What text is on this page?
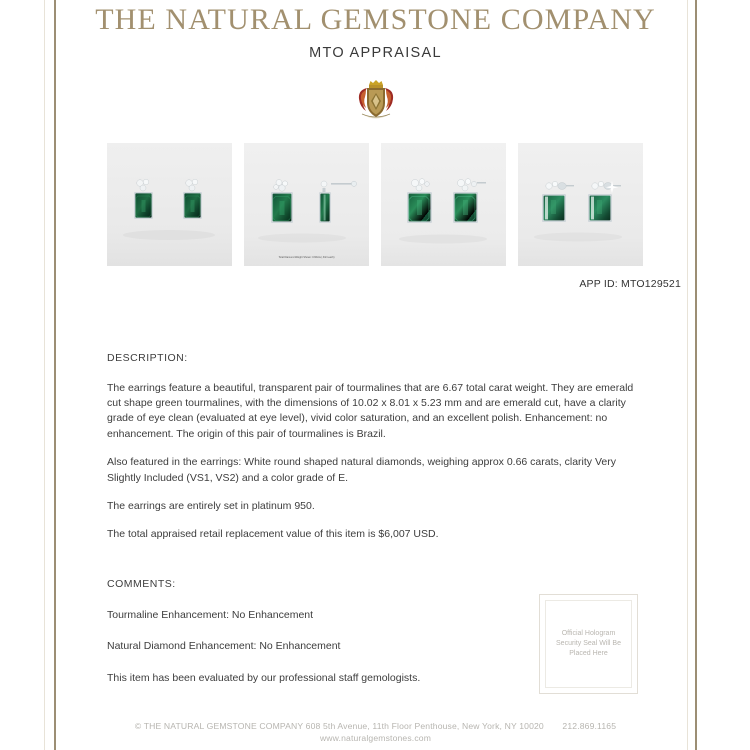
THE NATURAL GEMSTONE COMPANY
MTO APPRAISAL
Total Diamond Weight Shown: 0.66ctw (.33ct each)
APP ID: MTO129521
DESCRIPTION:

The earrings feature a beautiful, transparent pair of tourmalines that are 6.67 total carat weight. They are emerald cut shape green tourmalines, with the dimensions of 10.02 x 8.01 x 5.23 mm and are emerald cut, have a clarity grade of eye clean (evaluated at eye level), vivid color saturation, and an excellent polish. Enhancement: no enhancement. The origin of this pair of tourmalines is Brazil.

Also featured in the earrings: White round shaped natural diamonds, weighing approx 0.66 carats, clarity Very Slightly Included (VS1, VS2) and a color grade of E.

The earrings are entirely set in platinum 950.

The total appraised retail replacement value of this item is $6,007 USD.

COMMENTS:

Tourmaline Enhancement: No Enhancement

Natural Diamond Enhancement: No Enhancement

This item has been evaluated by our professional staff gemologists.

Official Hologram Security Seal Will Be Placed Here
© THE NATURAL GEMSTONE COMPANY 608 5th Avenue, 11th Floor Penthouse, New York, NY 10020 212.869.1165
www.naturalgemstones.com
